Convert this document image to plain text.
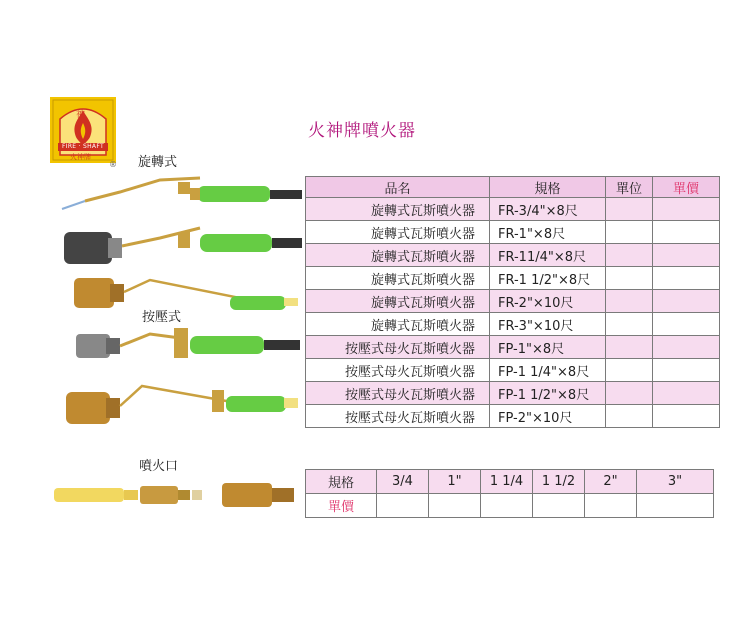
神
FIRE · SHAFT
火神牌
®
火神牌噴火器
旋轉式
按壓式
噴火口
品名	規格	單位	單價
旋轉式瓦斯噴火器	FR-3/4"×8尺		
旋轉式瓦斯噴火器	FR-1"×8尺		
旋轉式瓦斯噴火器	FR-11/4"×8尺		
旋轉式瓦斯噴火器	FR-1 1/2"×8尺		
旋轉式瓦斯噴火器	FR-2"×10尺		
旋轉式瓦斯噴火器	FR-3"×10尺		
按壓式母火瓦斯噴火器	FP-1"×8尺		
按壓式母火瓦斯噴火器	FP-1 1/4"×8尺		
按壓式母火瓦斯噴火器	FP-1 1/2"×8尺		
按壓式母火瓦斯噴火器	FP-2"×10尺		
規格	3/4	1"	1 1/4	1 1/2	2"	3"
單價						
